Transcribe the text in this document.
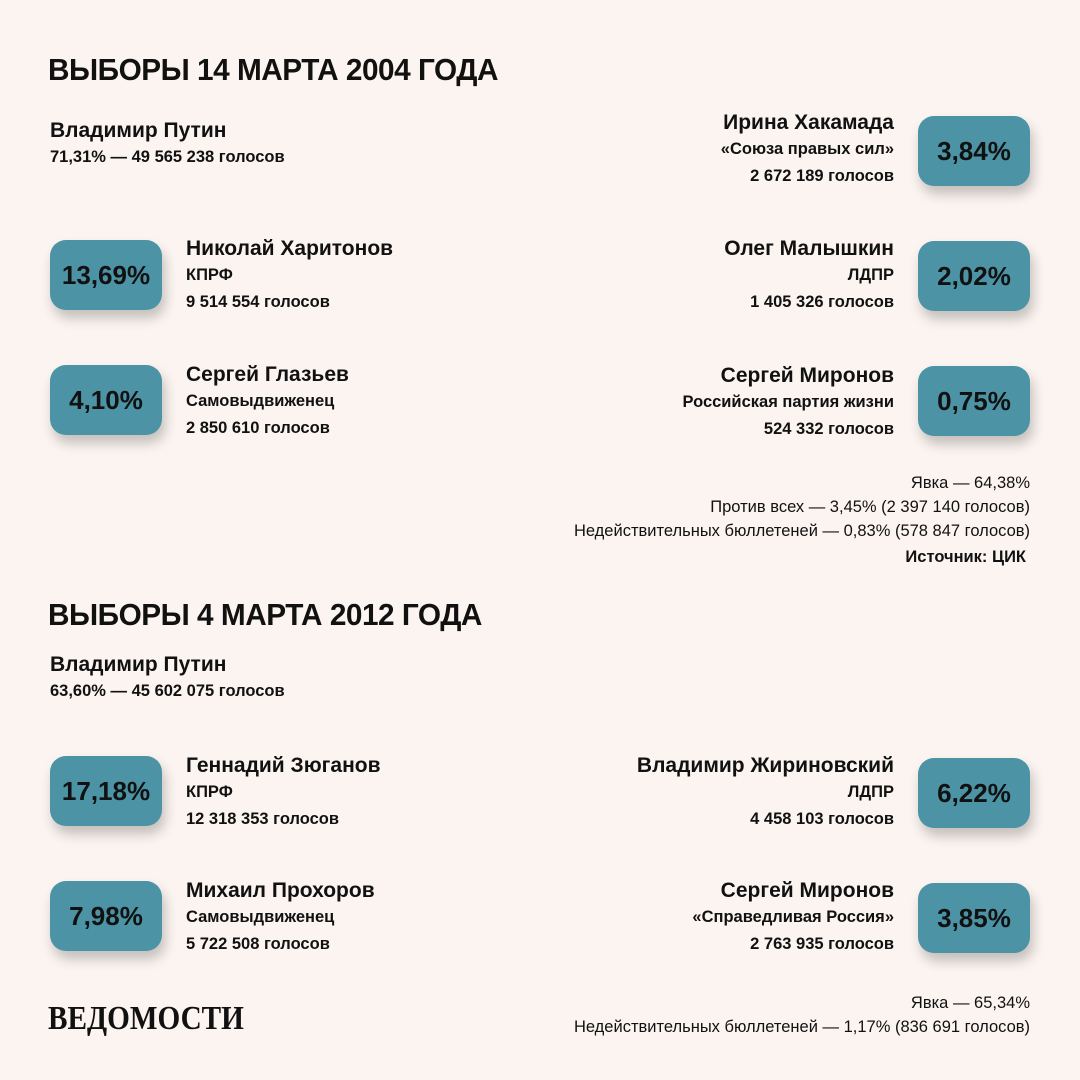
ВЫБОРЫ 14 МАРТА 2004 ГОДА
Владимир Путин
71,31% — 49 565 238 голосов
13,69%
Николай Харитонов
КПРФ
9 514 554 голосов
4,10%
Сергей Глазьев
Самовыдвиженец
2 850 610 голосов
Ирина Хакамада
«Союза правых сил»
2 672 189 голосов
3,84%
Олег Малышкин
ЛДПР
1 405 326 голосов
2,02%
Сергей Миронов
Российская партия жизни
524 332 голосов
0,75%
Явка — 64,38%
Против всех — 3,45% (2 397 140 голосов)
Недействительных бюллетеней — 0,83% (578 847 голосов)
Источник: ЦИК
ВЫБОРЫ 4 МАРТА 2012 ГОДА
Владимир Путин
63,60% — 45 602 075 голосов
17,18%
Геннадий Зюганов
КПРФ
12 318 353 голосов
7,98%
Михаил Прохоров
Самовыдвиженец
5 722 508 голосов
Владимир Жириновский
ЛДПР
4 458 103 голосов
6,22%
Сергей Миронов
«Справедливая Россия»
2 763 935 голосов
3,85%
Явка — 65,34%
Недействительных бюллетеней — 1,17% (836 691 голосов)
ВЕДОМОСТИ
